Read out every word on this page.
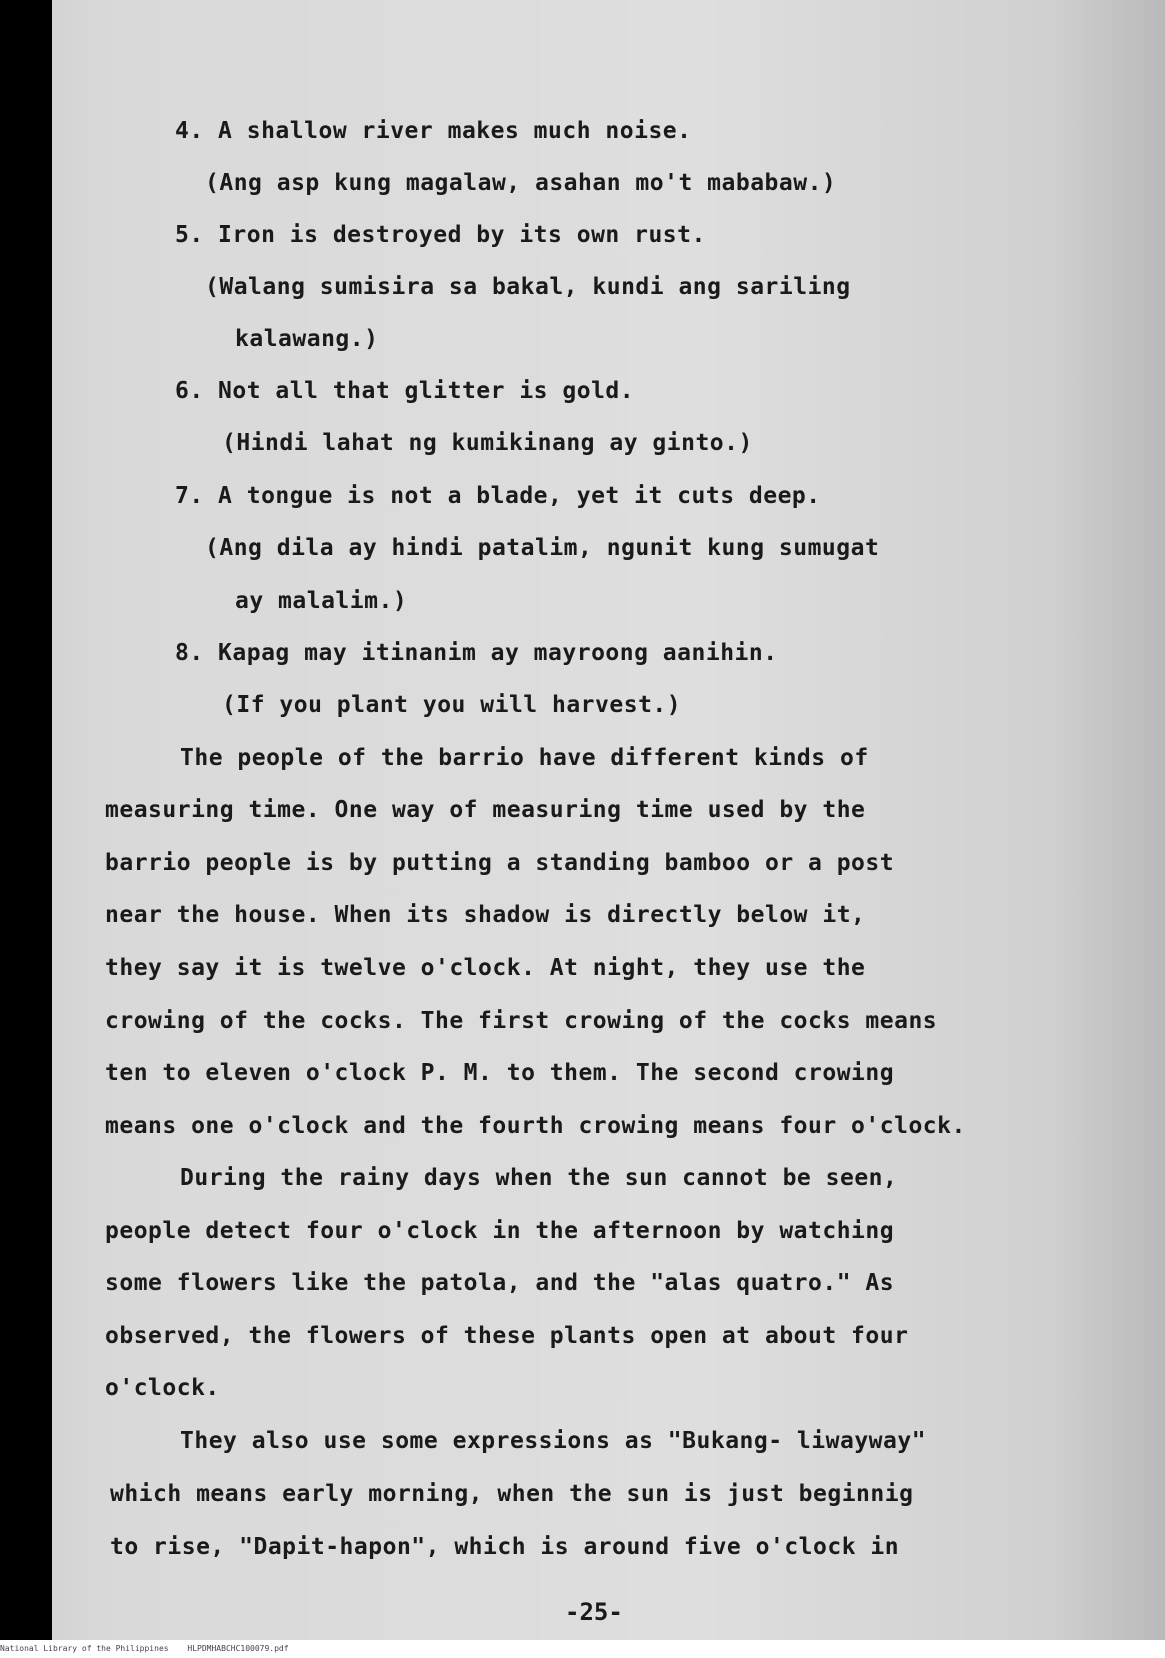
4. A shallow river makes much noise.
(Ang asp kung magalaw, asahan mo't mababaw.)
5. Iron is destroyed by its own rust.
(Walang sumisira sa bakal, kundi ang sariling
kalawang.)
6. Not all that glitter is gold.
(Hindi lahat ng kumikinang ay ginto.)
7. A tongue is not a blade, yet it cuts deep.
(Ang dila ay hindi patalim, ngunit kung sumugat
ay malalim.)
8. Kapag may itinanim ay mayroong aanihin.
(If you plant you will harvest.)
The people of the barrio have different kinds of
measuring time. One way of measuring time used by the
barrio people is by putting a standing bamboo or a post
near the house. When its shadow is directly below it,
they say it is twelve o'clock. At night, they use the
crowing of the cocks. The first crowing of the cocks means
ten to eleven o'clock P. M. to them. The second crowing
means one o'clock and the fourth crowing means four o'clock.
During the rainy days when the sun cannot be seen,
people detect four o'clock in the afternoon by watching
some flowers like the patola, and the "alas quatro." As
observed, the flowers of these plants open at about four
o'clock.
They also use some expressions as "Bukang- liwayway"
which means early morning, when the sun is just beginnig
to rise, "Dapit-hapon", which is around five o'clock in
-25-
National Library of the Philippines HLPDMHABCHC100079.pdf
